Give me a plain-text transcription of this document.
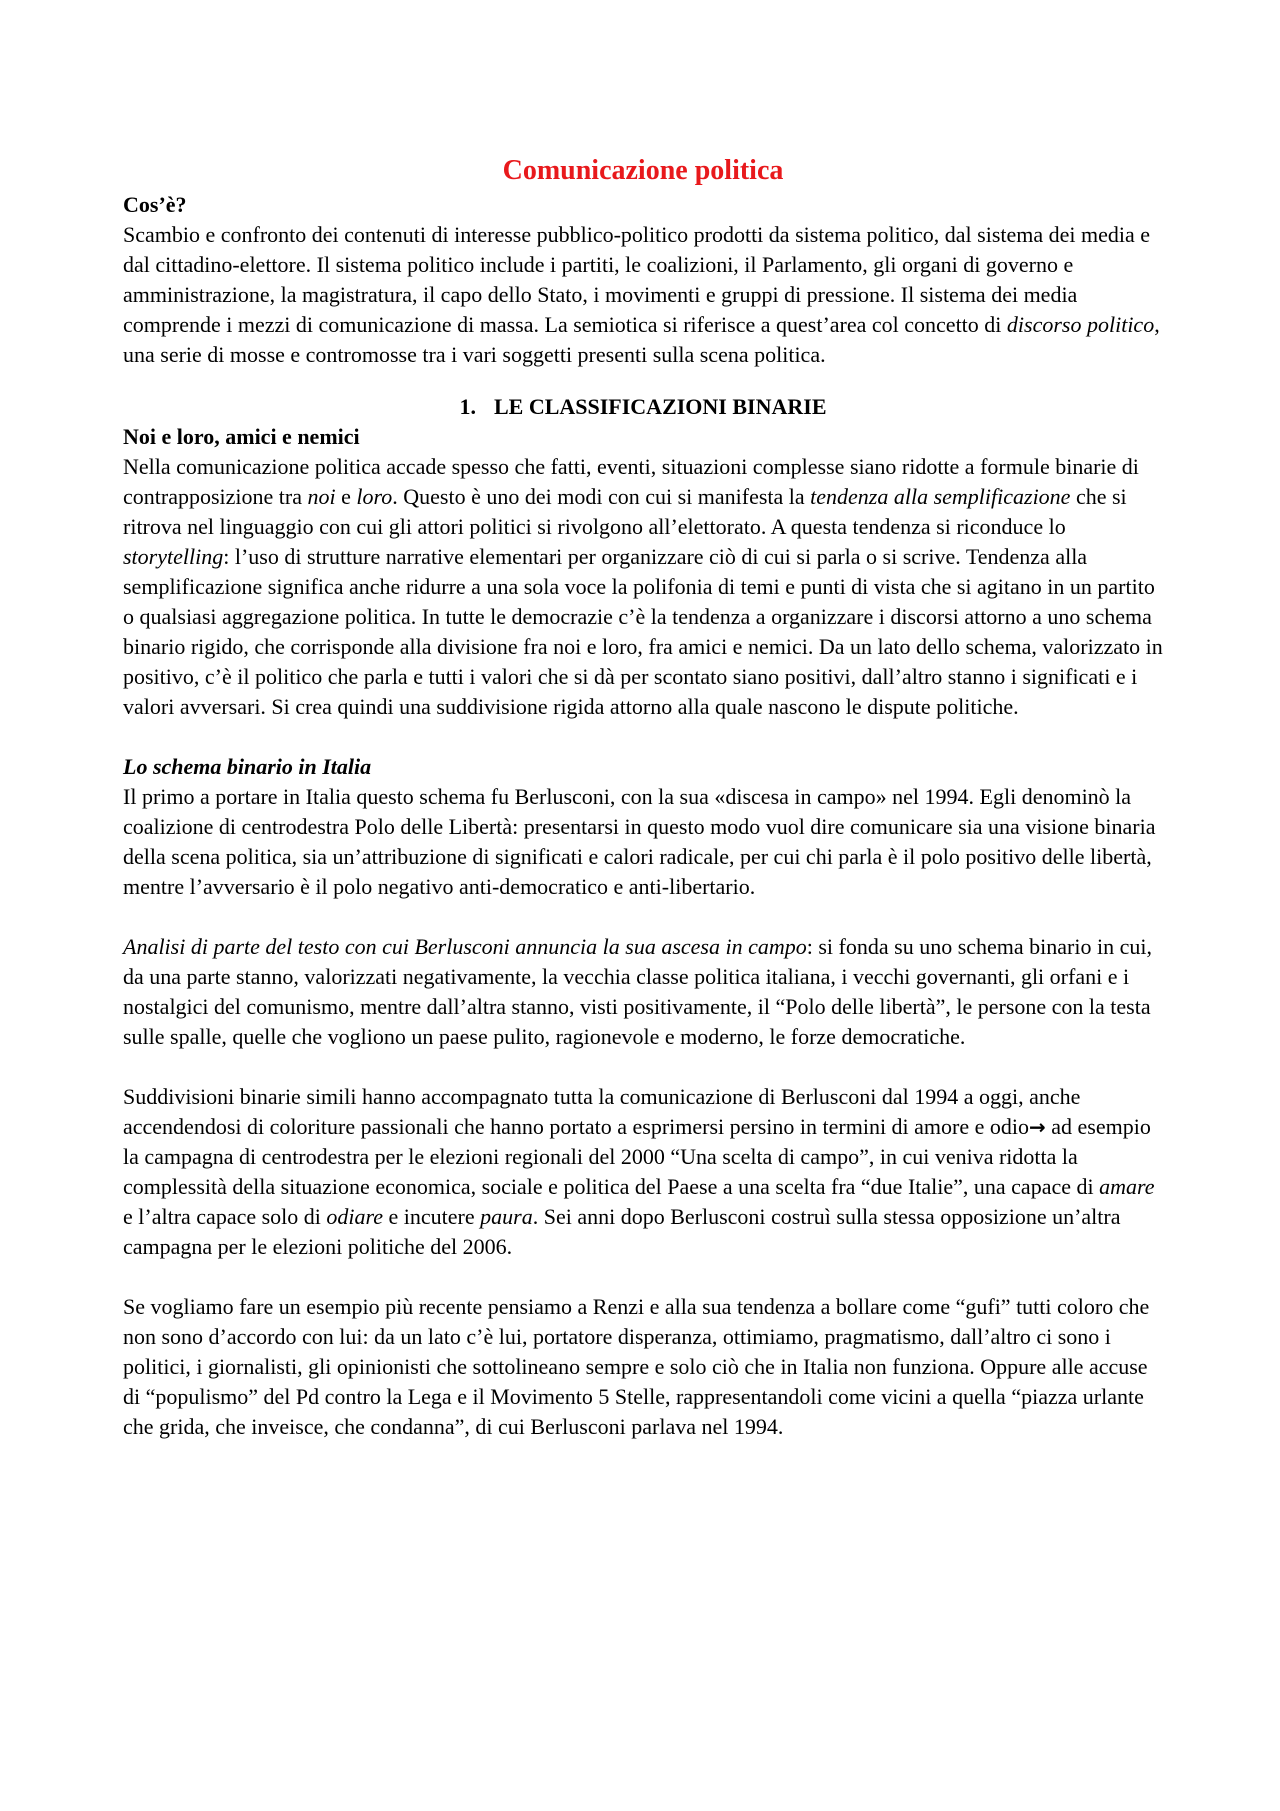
Comunicazione politica
Cos’è?

Scambio e confronto dei contenuti di interesse pubblico-politico prodotti da sistema politico, dal sistema dei media e dal cittadino-elettore. Il sistema politico include i partiti, le coalizioni, il Parlamento, gli organi di governo e amministrazione, la magistratura, il capo dello Stato, i movimenti e gruppi di pressione. Il sistema dei media comprende i mezzi di comunicazione di massa. La semiotica si riferisce a quest’area col concetto di discorso politico, una serie di mosse e contromosse tra i vari soggetti presenti sulla scena politica.

1. LE CLASSIFICAZIONI BINARIE
Noi e loro, amici e nemici

Nella comunicazione politica accade spesso che fatti, eventi, situazioni complesse siano ridotte a formule binarie di contrapposizione tra noi e loro. Questo è uno dei modi con cui si manifesta la tendenza alla semplificazione che si ritrova nel linguaggio con cui gli attori politici si rivolgono all’elettorato. A questa tendenza si riconduce lo storytelling: l’uso di strutture narrative elementari per organizzare ciò di cui si parla o si scrive. Tendenza alla semplificazione significa anche ridurre a una sola voce la polifonia di temi e punti di vista che si agitano in un partito o qualsiasi aggregazione politica. In tutte le democrazie c’è la tendenza a organizzare i discorsi attorno a uno schema binario rigido, che corrisponde alla divisione fra noi e loro, fra amici e nemici. Da un lato dello schema, valorizzato in positivo, c’è il politico che parla e tutti i valori che si dà per scontato siano positivi, dall’altro stanno i significati e i valori avversari. Si crea quindi una suddivisione rigida attorno alla quale nascono le dispute politiche.

Lo schema binario in Italia

Il primo a portare in Italia questo schema fu Berlusconi, con la sua «discesa in campo» nel 1994. Egli denominò la coalizione di centrodestra Polo delle Libertà: presentarsi in questo modo vuol dire comunicare sia una visione binaria della scena politica, sia un’attribuzione di significati e calori radicale, per cui chi parla è il polo positivo delle libertà, mentre l’avversario è il polo negativo anti-democratico e anti-libertario.

Analisi di parte del testo con cui Berlusconi annuncia la sua ascesa in campo: si fonda su uno schema binario in cui, da una parte stanno, valorizzati negativamente, la vecchia classe politica italiana, i vecchi governanti, gli orfani e i nostalgici del comunismo, mentre dall’altra stanno, visti positivamente, il “Polo delle libertà”, le persone con la testa sulle spalle, quelle che vogliono un paese pulito, ragionevole e moderno, le forze democratiche.

Suddivisioni binarie simili hanno accompagnato tutta la comunicazione di Berlusconi dal 1994 a oggi, anche accendendosi di coloriture passionali che hanno portato a esprimersi persino in termini di amore e odio→ ad esempio la campagna di centrodestra per le elezioni regionali del 2000 “Una scelta di campo”, in cui veniva ridotta la complessità della situazione economica, sociale e politica del Paese a una scelta fra “due Italie”, una capace di amare e l’altra capace solo di odiare e incutere paura. Sei anni dopo Berlusconi costruì sulla stessa opposizione un’altra campagna per le elezioni politiche del 2006.

Se vogliamo fare un esempio più recente pensiamo a Renzi e alla sua tendenza a bollare come “gufi” tutti coloro che non sono d’accordo con lui: da un lato c’è lui, portatore disperanza, ottimiamo, pragmatismo, dall’altro ci sono i politici, i giornalisti, gli opinionisti che sottolineano sempre e solo ciò che in Italia non funziona. Oppure alle accuse di “populismo” del Pd contro la Lega e il Movimento 5 Stelle, rappresentandoli come vicini a quella “piazza urlante che grida, che inveisce, che condanna”, di cui Berlusconi parlava nel 1994.
